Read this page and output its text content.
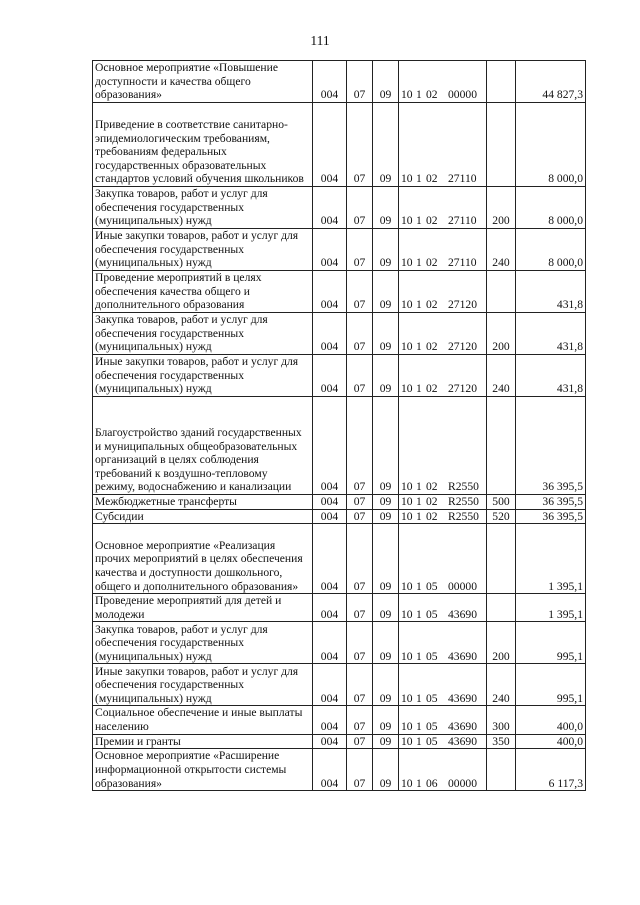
111
Основное мероприятие «Повышение доступности и качества общего образования»	004	07	09	10 1 02 00000		44 827,3
Приведение в соответствие санитарно-эпидемиологическим требованиям, требованиям федеральных государственных образовательных стандартов условий обучения школьников	004	07	09	10 1 02 27110		8 000,0
Закупка товаров, работ и услуг для обеспечения государственных (муниципальных) нужд	004	07	09	10 1 02 27110	200	8 000,0
Иные закупки товаров, работ и услуг для обеспечения государственных (муниципальных) нужд	004	07	09	10 1 02 27110	240	8 000,0
Проведение мероприятий в целях обеспечения качества общего и дополнительного образования	004	07	09	10 1 02 27120		431,8
Закупка товаров, работ и услуг для обеспечения государственных (муниципальных) нужд	004	07	09	10 1 02 27120	200	431,8
Иные закупки товаров, работ и услуг для обеспечения государственных (муниципальных) нужд	004	07	09	10 1 02 27120	240	431,8
Благоустройство зданий государственных и муниципальных общеобразовательных организаций в целях соблюдения требований к воздушно-тепловому режиму, водоснабжению и канализации	004	07	09	10 1 02 R2550		36 395,5
Межбюджетные трансферты	004	07	09	10 1 02 R2550	500	36 395,5
Субсидии	004	07	09	10 1 02 R2550	520	36 395,5
Основное мероприятие «Реализация прочих мероприятий в целях обеспечения качества и доступности дошкольного, общего и дополнительного образования»	004	07	09	10 1 05 00000		1 395,1
Проведение мероприятий для детей и молодежи	004	07	09	10 1 05 43690		1 395,1
Закупка товаров, работ и услуг для обеспечения государственных (муниципальных) нужд	004	07	09	10 1 05 43690	200	995,1
Иные закупки товаров, работ и услуг для обеспечения государственных (муниципальных) нужд	004	07	09	10 1 05 43690	240	995,1
Социальное обеспечение и иные выплаты населению	004	07	09	10 1 05 43690	300	400,0
Премии и гранты	004	07	09	10 1 05 43690	350	400,0
Основное мероприятие «Расширение информационной открытости системы образования»	004	07	09	10 1 06 00000		6 117,3
